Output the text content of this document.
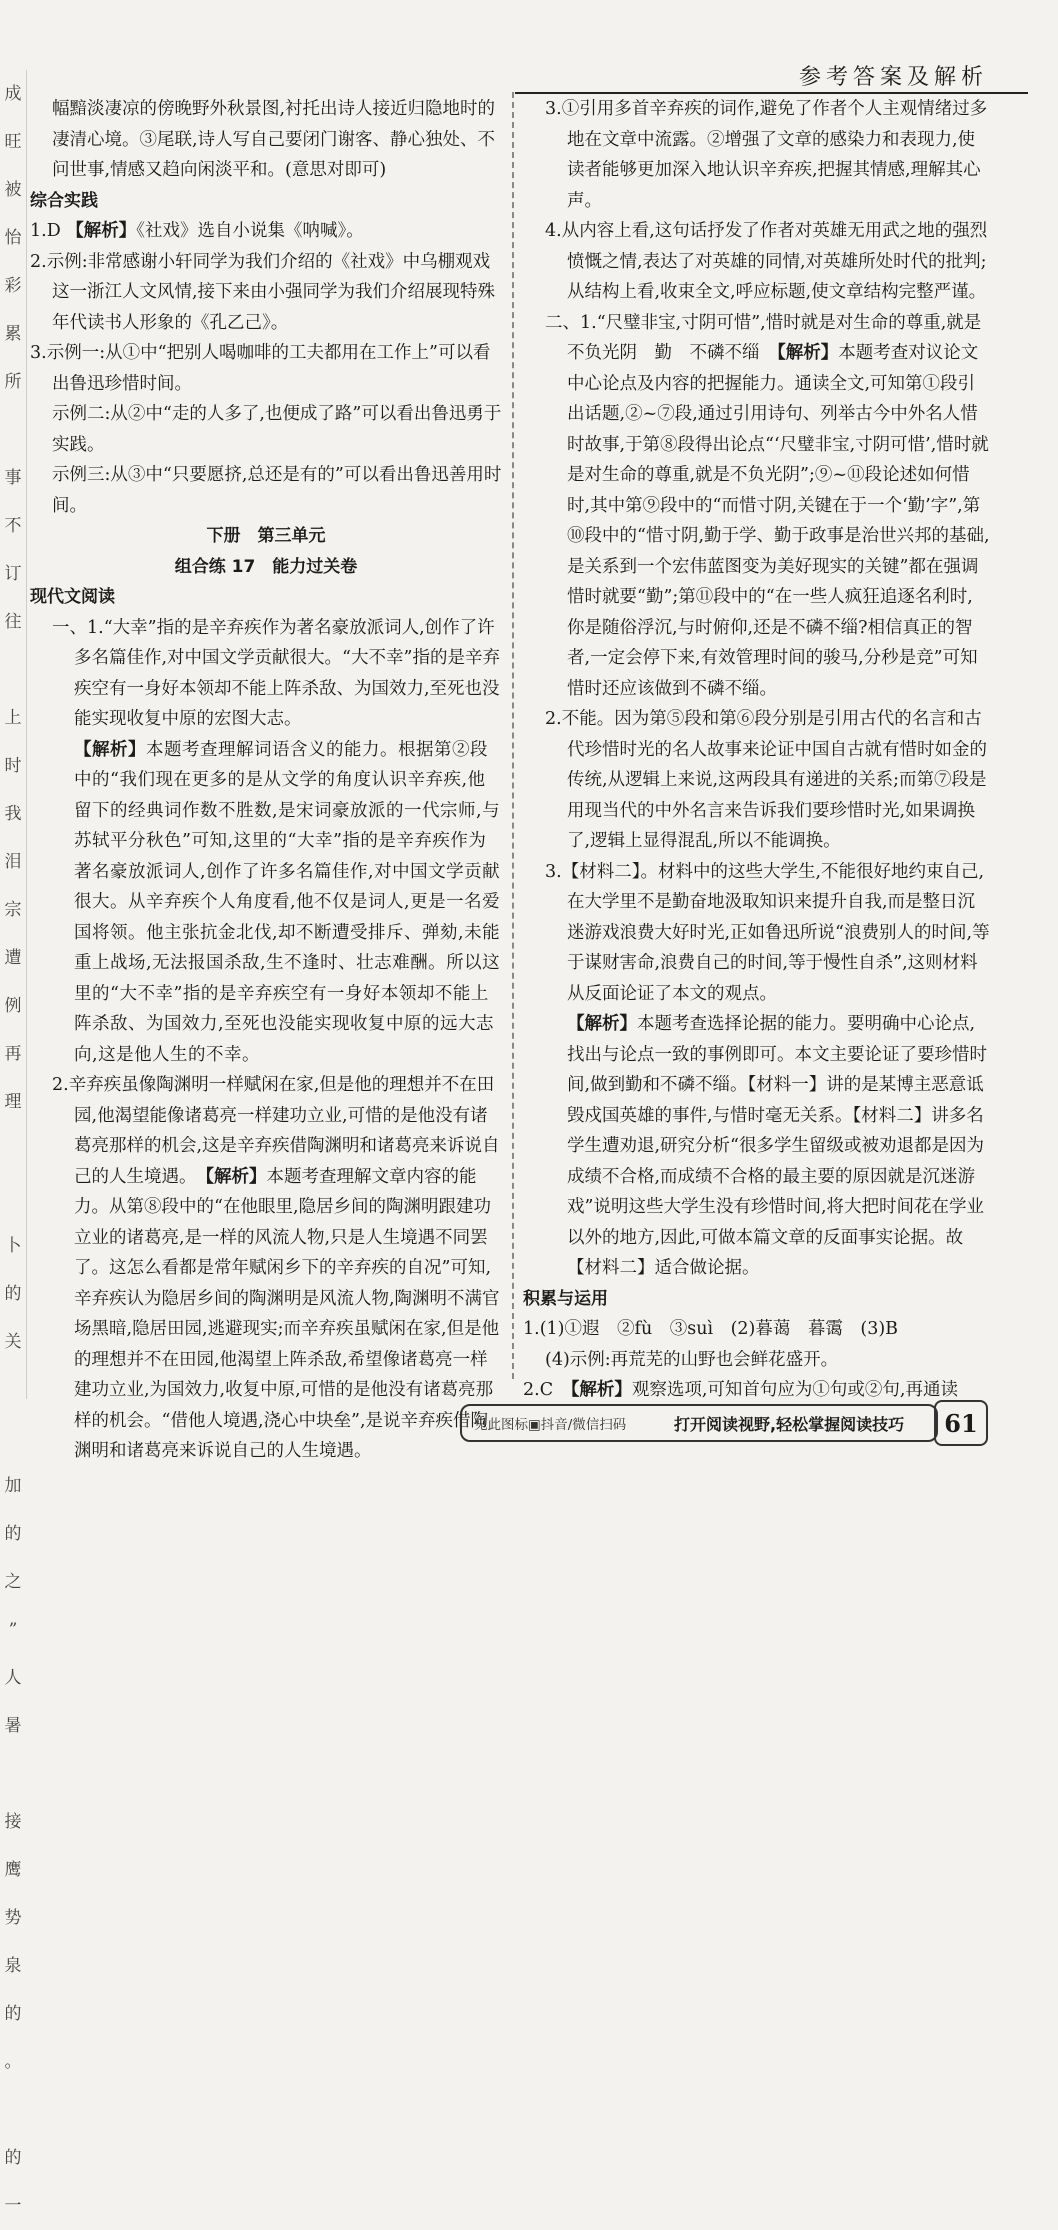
参考答案及解析
成
旺
被
怡
彩
累
所

事
不
订
往

上
时
我
泪
宗
遭
例
再
理

卜
的
关

加
的
之
”
人
暑

接
鹰
势
泉
的
。

的
一

幅黯淡凄凉的傍晚野外秋景图,衬托出诗人接近归隐地时的凄清心境。③尾联,诗人写自己要闭门谢客、静心独处、不问世事,情感又趋向闲淡平和。(意思对即可)

综合实践

1.D 【解析】《社戏》选自小说集《呐喊》。

2.示例:非常感谢小轩同学为我们介绍的《社戏》中乌棚观戏这一浙江人文风情,接下来由小强同学为我们介绍展现特殊年代读书人形象的《孔乙己》。

3.示例一:从①中“把别人喝咖啡的工夫都用在工作上”可以看出鲁迅珍惜时间。

示例二:从②中“走的人多了,也便成了路”可以看出鲁迅勇于实践。

示例三:从③中“只要愿挤,总还是有的”可以看出鲁迅善用时间。

下册　第三单元

组合练 17　能力过关卷

现代文阅读

一、1.“大幸”指的是辛弃疾作为著名豪放派词人,创作了许多名篇佳作,对中国文学贡献很大。“大不幸”指的是辛弃疾空有一身好本领却不能上阵杀敌、为国效力,至死也没能实现收复中原的宏图大志。

【解析】本题考查理解词语含义的能力。根据第②段中的“我们现在更多的是从文学的角度认识辛弃疾,他留下的经典词作数不胜数,是宋词豪放派的一代宗师,与苏轼平分秋色”可知,这里的“大幸”指的是辛弃疾作为著名豪放派词人,创作了许多名篇佳作,对中国文学贡献很大。从辛弃疾个人角度看,他不仅是词人,更是一名爱国将领。他主张抗金北伐,却不断遭受排斥、弹劾,未能重上战场,无法报国杀敌,生不逢时、壮志难酬。所以这里的“大不幸”指的是辛弃疾空有一身好本领却不能上阵杀敌、为国效力,至死也没能实现收复中原的远大志向,这是他人生的不幸。

2.辛弃疾虽像陶渊明一样赋闲在家,但是他的理想并不在田园,他渴望能像诸葛亮一样建功立业,可惜的是他没有诸葛亮那样的机会,这是辛弃疾借陶渊明和诸葛亮来诉说自己的人生境遇。　【解析】本题考查理解文章内容的能力。从第⑧段中的“在他眼里,隐居乡间的陶渊明跟建功立业的诸葛亮,是一样的风流人物,只是人生境遇不同罢了。这怎么看都是常年赋闲乡下的辛弃疾的自况”可知,辛弃疾认为隐居乡间的陶渊明是风流人物,陶渊明不满官场黑暗,隐居田园,逃避现实;而辛弃疾虽赋闲在家,但是他的理想并不在田园,他渴望上阵杀敌,希望像诸葛亮一样建功立业,为国效力,收复中原,可惜的是他没有诸葛亮那样的机会。“借他人境遇,浇心中块垒”,是说辛弃疾借陶渊明和诸葛亮来诉说自己的人生境遇。

3.①引用多首辛弃疾的词作,避免了作者个人主观情绪过多地在文章中流露。②增强了文章的感染力和表现力,使读者能够更加深入地认识辛弃疾,把握其情感,理解其心声。

4.从内容上看,这句话抒发了作者对英雄无用武之地的强烈愤慨之情,表达了对英雄的同情,对英雄所处时代的批判;从结构上看,收束全文,呼应标题,使文章结构完整严谨。

二、1.“尺璧非宝,寸阴可惜”,惜时就是对生命的尊重,就是不负光阴　勤　不磷不缁　【解析】本题考查对议论文中心论点及内容的把握能力。通读全文,可知第①段引出话题,②~⑦段,通过引用诗句、列举古今中外名人惜时故事,于第⑧段得出论点“‘尺璧非宝,寸阴可惜’,惜时就是对生命的尊重,就是不负光阴”;⑨~⑪段论述如何惜时,其中第⑨段中的“而惜寸阴,关键在于一个‘勤’字”,第⑩段中的“惜寸阴,勤于学、勤于政事是治世兴邦的基础,是关系到一个宏伟蓝图变为美好现实的关键”都在强调惜时就要“勤”;第⑪段中的“在一些人疯狂追逐名利时,你是随俗浮沉,与时俯仰,还是不磷不缁?相信真正的智者,一定会停下来,有效管理时间的骏马,分秒是竞”可知惜时还应该做到不磷不缁。

2.不能。因为第⑤段和第⑥段分别是引用古代的名言和古代珍惜时光的名人故事来论证中国自古就有惜时如金的传统,从逻辑上来说,这两段具有递进的关系;而第⑦段是用现当代的中外名言来告诉我们要珍惜时光,如果调换了,逻辑上显得混乱,所以不能调换。

3.【材料二】。材料中的这些大学生,不能很好地约束自己,在大学里不是勤奋地汲取知识来提升自我,而是整日沉迷游戏浪费大好时光,正如鲁迅所说“浪费别人的时间,等于谋财害命,浪费自己的时间,等于慢性自杀”,这则材料从反面论证了本文的观点。

【解析】本题考查选择论据的能力。要明确中心论点,找出与论点一致的事例即可。本文主要论证了要珍惜时间,做到勤和不磷不缁。【材料一】讲的是某博主恶意诋毁戍国英雄的事件,与惜时毫无关系。【材料二】讲多名学生遭劝退,研究分析“很多学生留级或被劝退都是因为成绩不合格,而成绩不合格的最主要的原因就是沉迷游戏”说明这些大学生没有珍惜时间,将大把时间花在学业以外的地方,因此,可做本篇文章的反面事实论据。故【材料二】适合做论据。

积累与运用

1.(1)①遐　②fù　③suì　(2)暮蔼　暮霭　(3)B

(4)示例:再荒芜的山野也会鲜花盛开。

2.C　【解析】观察选项,可知首句应为①句或②句,再通读

见此图标▣抖音/微信扫码	打开阅读视野,轻松掌握阅读技巧	61
